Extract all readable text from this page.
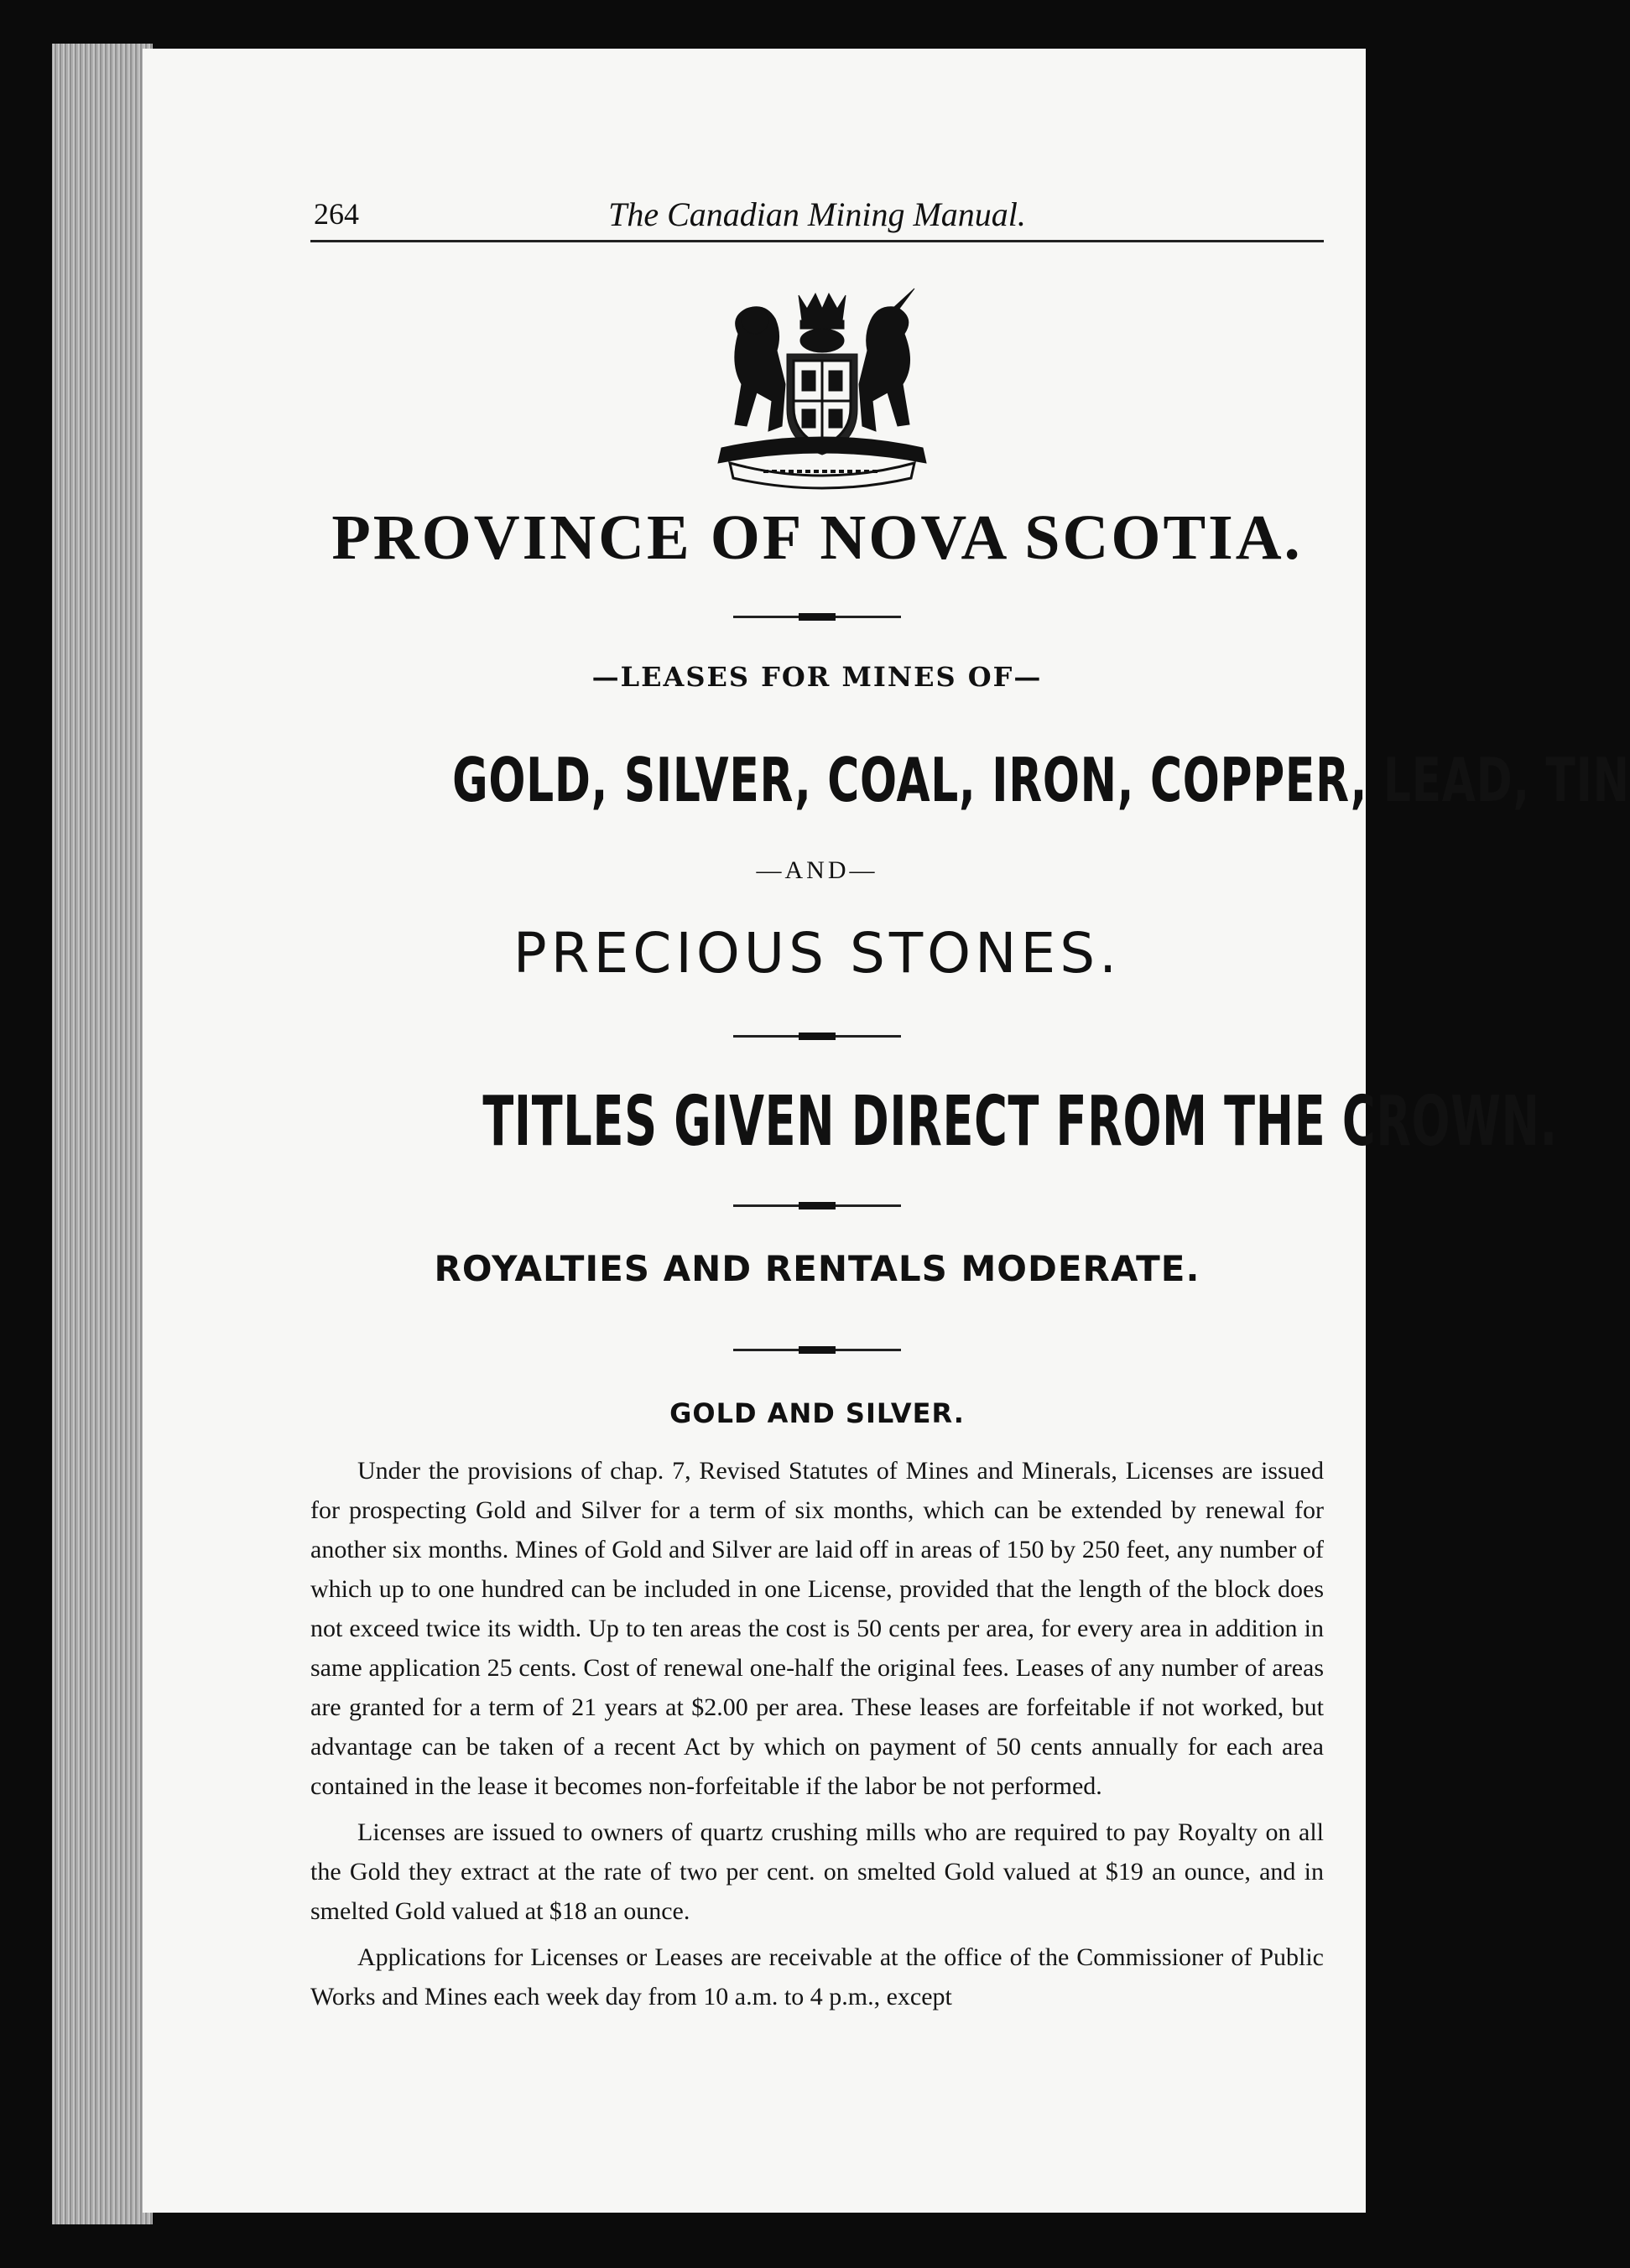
264	The Canadian Mining Manual.
PROVINCE OF NOVA SCOTIA.
—LEASES FOR MINES OF—
GOLD, SILVER, COAL, IRON, COPPER, LEAD, TIN
—AND—
PRECIOUS STONES.
TITLES GIVEN DIRECT FROM THE CROWN.
ROYALTIES AND RENTALS MODERATE.
GOLD AND SILVER.

Under the provisions of chap. 7, Revised Statutes of Mines and Minerals, Licenses are issued for prospecting Gold and Silver for a term of six months, which can be extended by renewal for another six months. Mines of Gold and Silver are laid off in areas of 150 by 250 feet, any number of which up to one hundred can be included in one License, provided that the length of the block does not exceed twice its width. Up to ten areas the cost is 50 cents per area, for every area in addition in same application 25 cents. Cost of renewal one-half the original fees. Leases of any number of areas are granted for a term of 21 years at $2.00 per area. These leases are forfeitable if not worked, but advantage can be taken of a recent Act by which on payment of 50 cents annually for each area contained in the lease it becomes non-forfeitable if the labor be not performed.

Licenses are issued to owners of quartz crushing mills who are required to pay Royalty on all the Gold they extract at the rate of two per cent. on smelted Gold valued at $19 an ounce, and in smelted Gold valued at $18 an ounce.

Applications for Licenses or Leases are receivable at the office of the Commissioner of Public Works and Mines each week day from 10 a.m. to 4 p.m., except
